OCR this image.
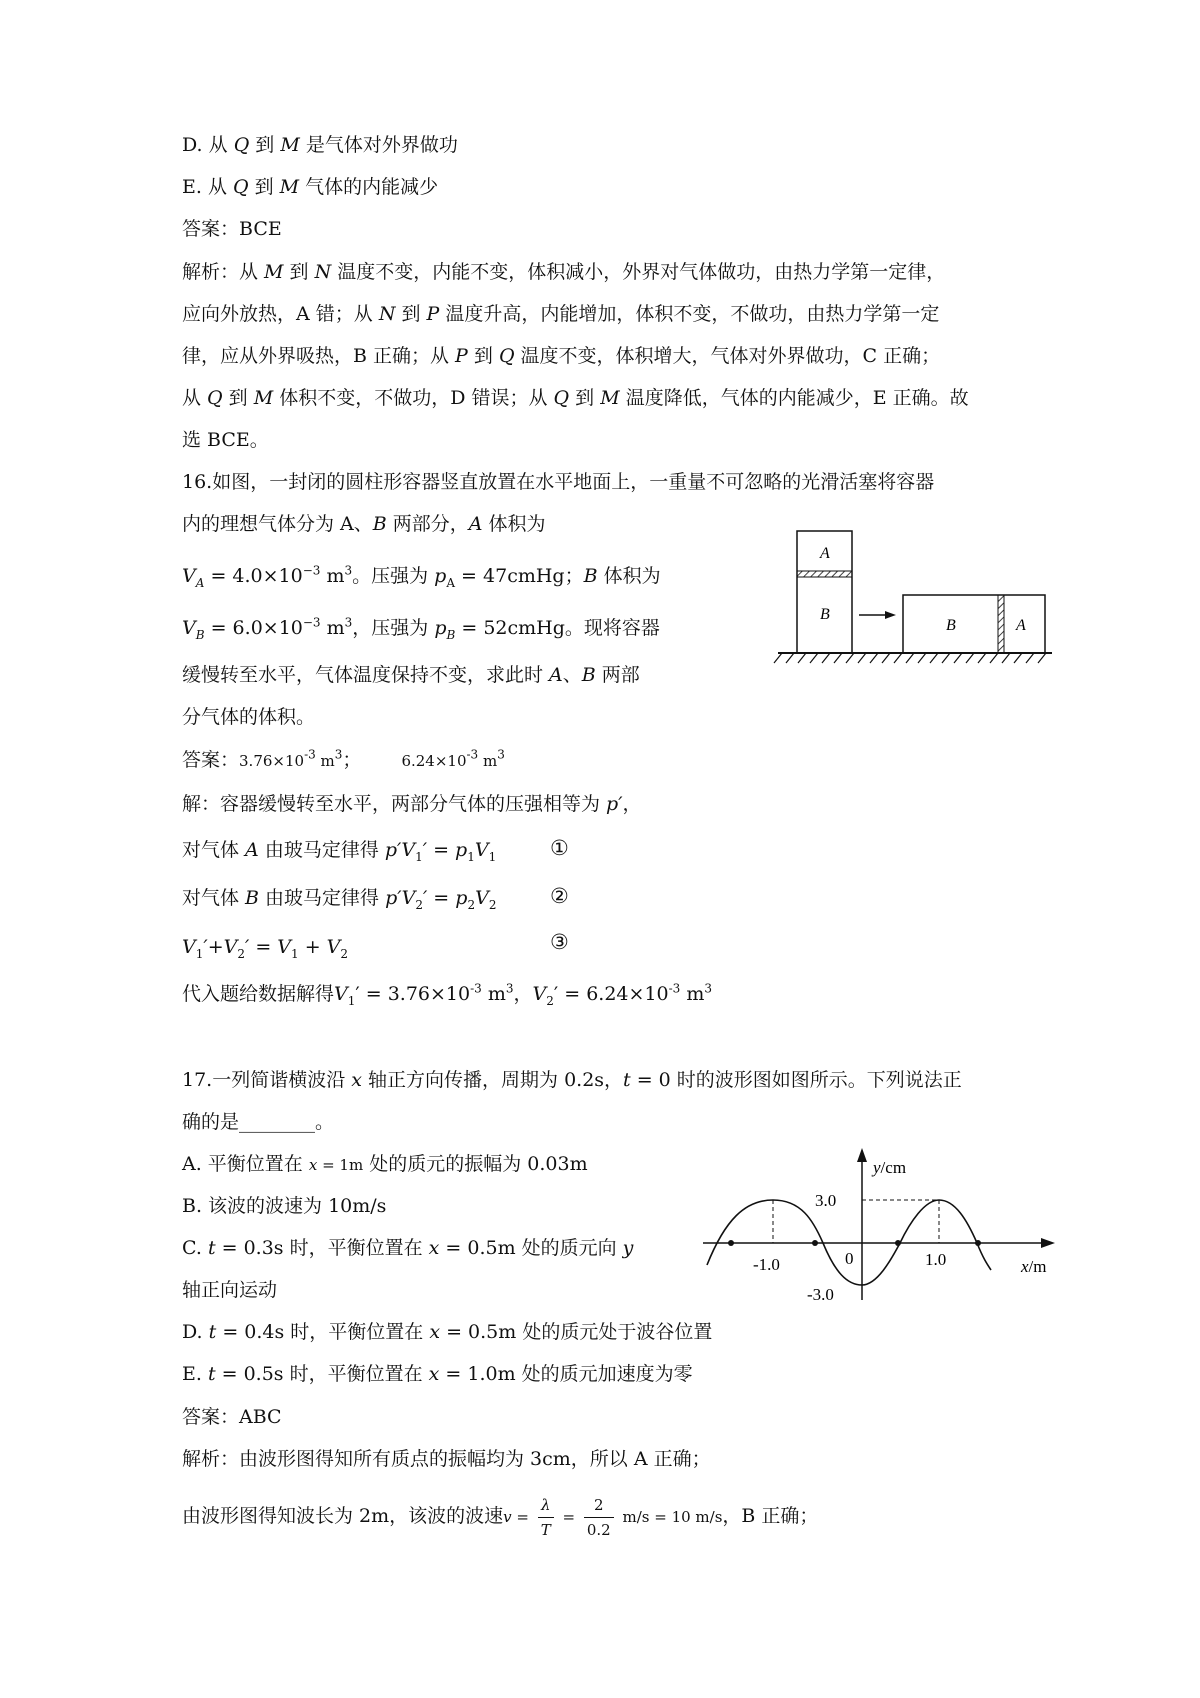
D. 从 Q 到 M 是气体对外界做功
E. 从 Q 到 M 气体的内能减少
答案：BCE
解析：从 M 到 N 温度不变，内能不变，体积减小，外界对气体做功，由热力学第一定律，
应向外放热，A 错；从 N 到 P 温度升高，内能增加，体积不变，不做功，由热力学第一定
律，应从外界吸热，B 正确；从 P 到 Q 温度不变，体积增大，气体对外界做功，C 正确；
从 Q 到 M 体积不变，不做功，D 错误；从 Q 到 M 温度降低，气体的内能减少，E 正确。故
选 BCE。
16.如图，一封闭的圆柱形容器竖直放置在水平地面上，一重量不可忽略的光滑活塞将容器
内的理想气体分为 A、B 两部分，A 体积为
$V_A = 4.0\times 10^{-3}$ $m^3$。压强为 $p_A$ = 47cmHg；B 体积为
$V_B = 6.0\times 10^{-3}$ $m^3$，压强为 $p_B$ = 52cmHg。现将容器
缓慢转至水平，气体温度保持不变，求此时 A、B 两部
分气体的体积。
答案：$3.76\times 10^{-3}$ $m^3$；	$6.24\times 10^{-3}$ $m^3$
解：容器缓慢转至水平，两部分气体的压强相等为 p′，
对气体 A 由玻马定律得 $p'V_1' = p_1V_1$	①
对气体 B 由玻马定律得 $p'V_2' = p_2V_2$	②
$V_1'+V_2' = V_1 + V_2$	③
代入题给数据解得$V_1' = 3.76\times 10^{-3}$ $m^3$，$V_2' = 6.24\times 10^{-3}$ $m^3$
A
B
B	A
17.一列简谐横波沿 x 轴正方向传播，周期为 0.2s，t = 0 时的波形图如图所示。下列说法正
确的是________。
A. 平衡位置在 x = 1m 处的质元的振幅为 0.03m
B. 该波的波速为 10m/s
C. t = 0.3s 时，平衡位置在 x = 0.5m 处的质元向 y
轴正向运动
D. t = 0.4s 时，平衡位置在 x = 0.5m 处的质元处于波谷位置
E. t = 0.5s 时，平衡位置在 x = 1.0m 处的质元加速度为零
答案：ABC
解析：由波形图得知所有质点的振幅均为 3cm，所以 A 正确；
由波形图得知波长为 2m，该波的波速$v = \frac{\lambda}{T} = \frac{2}{0.2} m/s = 10$ m/s，B 正确；
y/cm
3.0
-3.0
-1.0	1.0
0	x/m
